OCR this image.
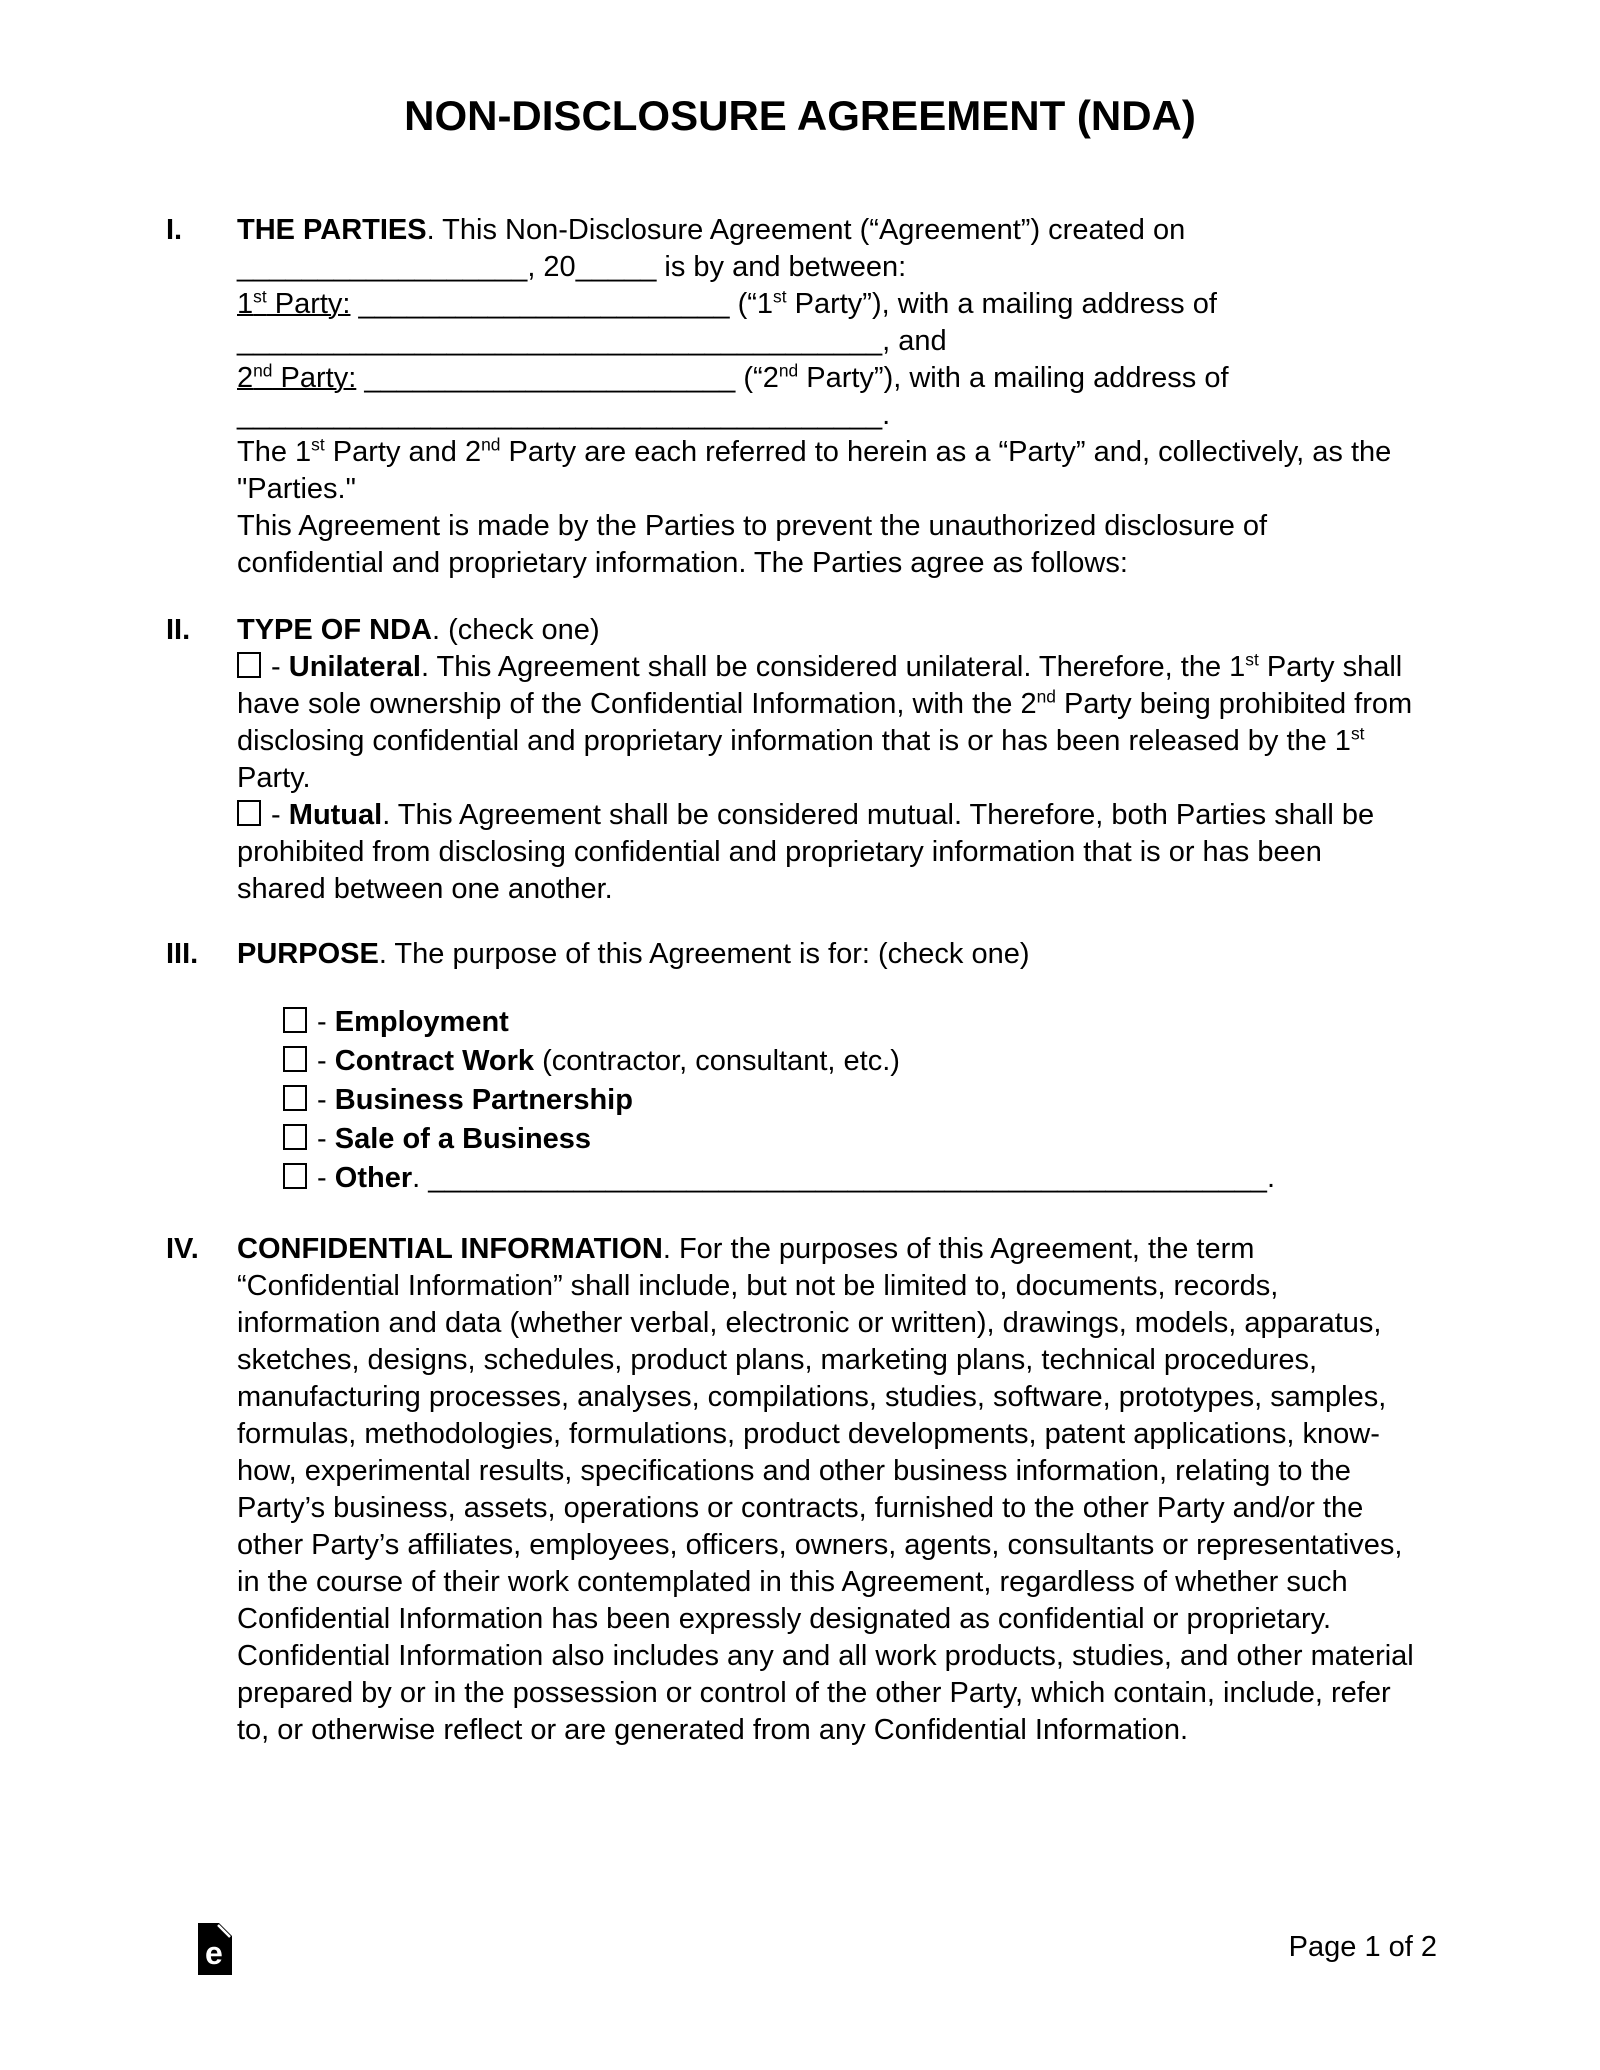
NON-DISCLOSURE AGREEMENT (NDA)
I.	THE PARTIES. This Non-Disclosure Agreement (“Agreement”) created on __________________, 20_____ is by and between:

1st Party: _______________________ (“1st Party”), with a mailing address of ________________________________________, and

2nd Party: _______________________ (“2nd Party”), with a mailing address of ________________________________________.

The 1st Party and 2nd Party are each referred to herein as a “Party” and, collectively, as the "Parties."

This Agreement is made by the Parties to prevent the unauthorized disclosure of confidential and proprietary information. The Parties agree as follows:

II.	TYPE OF NDA. (check one)

- Unilateral. This Agreement shall be considered unilateral. Therefore, the 1st Party shall have sole ownership of the Confidential Information, with the 2nd Party being prohibited from disclosing confidential and proprietary information that is or has been released by the 1st Party.

- Mutual. This Agreement shall be considered mutual. Therefore, both Parties shall be prohibited from disclosing confidential and proprietary information that is or has been shared between one another.

III.	PURPOSE. The purpose of this Agreement is for: (check one)

- Employment

- Contract Work (contractor, consultant, etc.)

- Business Partnership

- Sale of a Business

- Other. ____________________________________________________.

IV.	CONFIDENTIAL INFORMATION. For the purposes of this Agreement, the term “Confidential Information” shall include, but not be limited to, documents, records, information and data (whether verbal, electronic or written), drawings, models, apparatus, sketches, designs, schedules, product plans, marketing plans, technical procedures, manufacturing processes, analyses, compilations, studies, software, prototypes, samples, formulas, methodologies, formulations, product developments, patent applications, know-how, experimental results, specifications and other business information, relating to the Party’s business, assets, operations or contracts, furnished to the other Party and/or the other Party’s affiliates, employees, officers, owners, agents, consultants or representatives, in the course of their work contemplated in this Agreement, regardless of whether such Confidential Information has been expressly designated as confidential or proprietary. Confidential Information also includes any and all work products, studies, and other material prepared by or in the possession or control of the other Party, which contain, include, refer to, or otherwise reflect or are generated from any Confidential Information.

e	Page 1 of 2
